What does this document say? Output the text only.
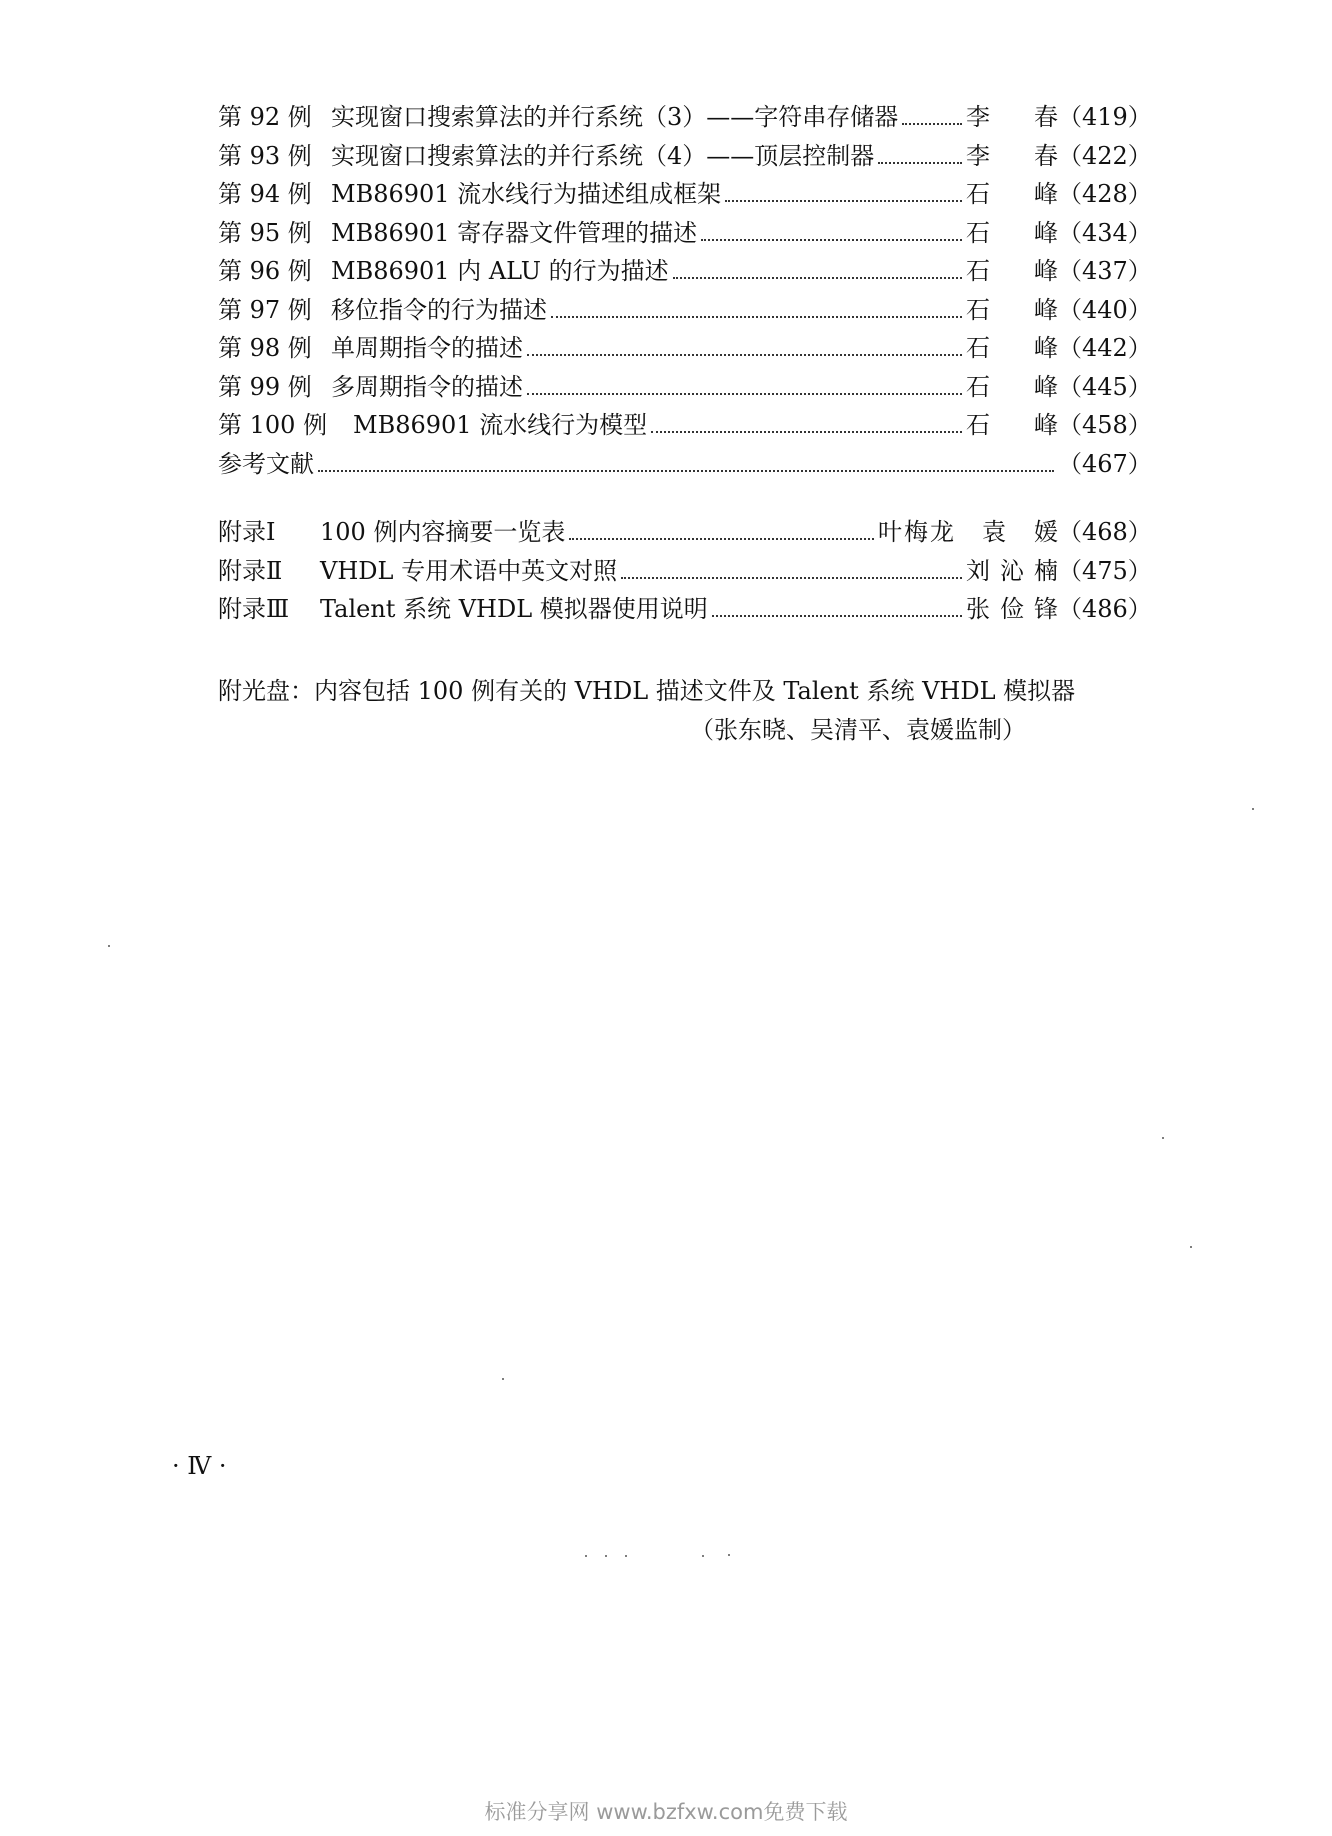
第 92 例 实现窗口搜索算法的并行系统（3）——字符串存储器	李　春 （419）
第 93 例 实现窗口搜索算法的并行系统（4）——顶层控制器	李　春 （422）
第 94 例 MB86901 流水线行为描述组成框架	石　峰 （428）
第 95 例 MB86901 寄存器文件管理的描述	石　峰 （434）
第 96 例 MB86901 内 ALU 的行为描述	石　峰 （437）
第 97 例 移位指令的行为描述	石　峰 （440）
第 98 例 单周期指令的描述	石　峰 （442）
第 99 例 多周期指令的描述	石　峰 （445）
第 100 例	MB86901 流水线行为模型	石　峰 （458）
参考文献	（467）
附录Ⅰ	100 例内容摘要一览表	叶梅龙　袁　媛 （468）
附录Ⅱ	VHDL 专用术语中英文对照	刘沁楠 （475）
附录Ⅲ	Talent 系统 VHDL 模拟器使用说明	张俭锋 （486）
附光盘：内容包括 100 例有关的 VHDL 描述文件及 Talent 系统 VHDL 模拟器
（张东晓、吴清平、袁媛监制）
· Ⅳ ·
标准分享网 www.bzfxw.com免费下载
